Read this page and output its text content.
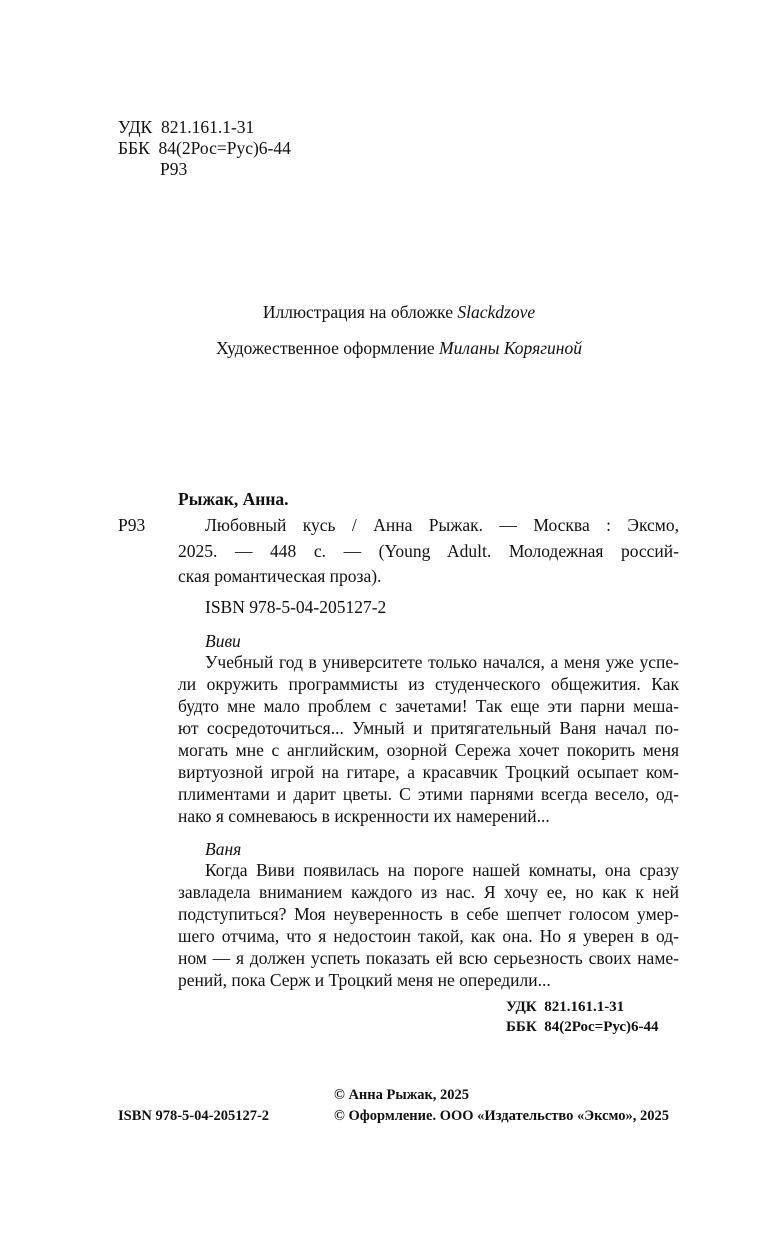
УДК  821.161.1-31
ББК  84(2Рос=Рус)6-44
Р93
Иллюстрация на обложке Slackdzove
Художественное оформление Миланы Корягиной
Рыжак, Анна.
Р93	Любовный кусь / Анна Рыжак. — Москва : Эксмо,
2025. — 448 с. — (Young Adult. Молодежная россий-
ская романтическая проза).
ISBN 978-5-04-205127-2
Виви
Учебный год в университете только начался, а меня уже успе-
ли окружить программисты из студенческого общежития. Как
будто мне мало проблем с зачетами! Так еще эти парни меша-
ют сосредоточиться... Умный и притягательный Ваня начал по-
могать мне с английским, озорной Сережа хочет покорить меня
виртуозной игрой на гитаре, а красавчик Троцкий осыпает ком-
плиментами и дарит цветы. С этими парнями всегда весело, од-
нако я сомневаюсь в искренности их намерений...
Ваня
Когда Виви появилась на пороге нашей комнаты, она сразу
завладела вниманием каждого из нас. Я хочу ее, но как к ней
подступиться? Моя неуверенность в себе шепчет голосом умер-
шего отчима, что я недостоин такой, как она. Но я уверен в од-
ном — я должен успеть показать ей всю серьезность своих наме-
рений, пока Серж и Троцкий меня не опередили...
УДК  821.161.1-31
ББК  84(2Рос=Рус)6-44
© Анна Рыжак, 2025
ISBN 978-5-04-205127-2	© Оформление. ООО «Издательство «Эксмо», 2025
